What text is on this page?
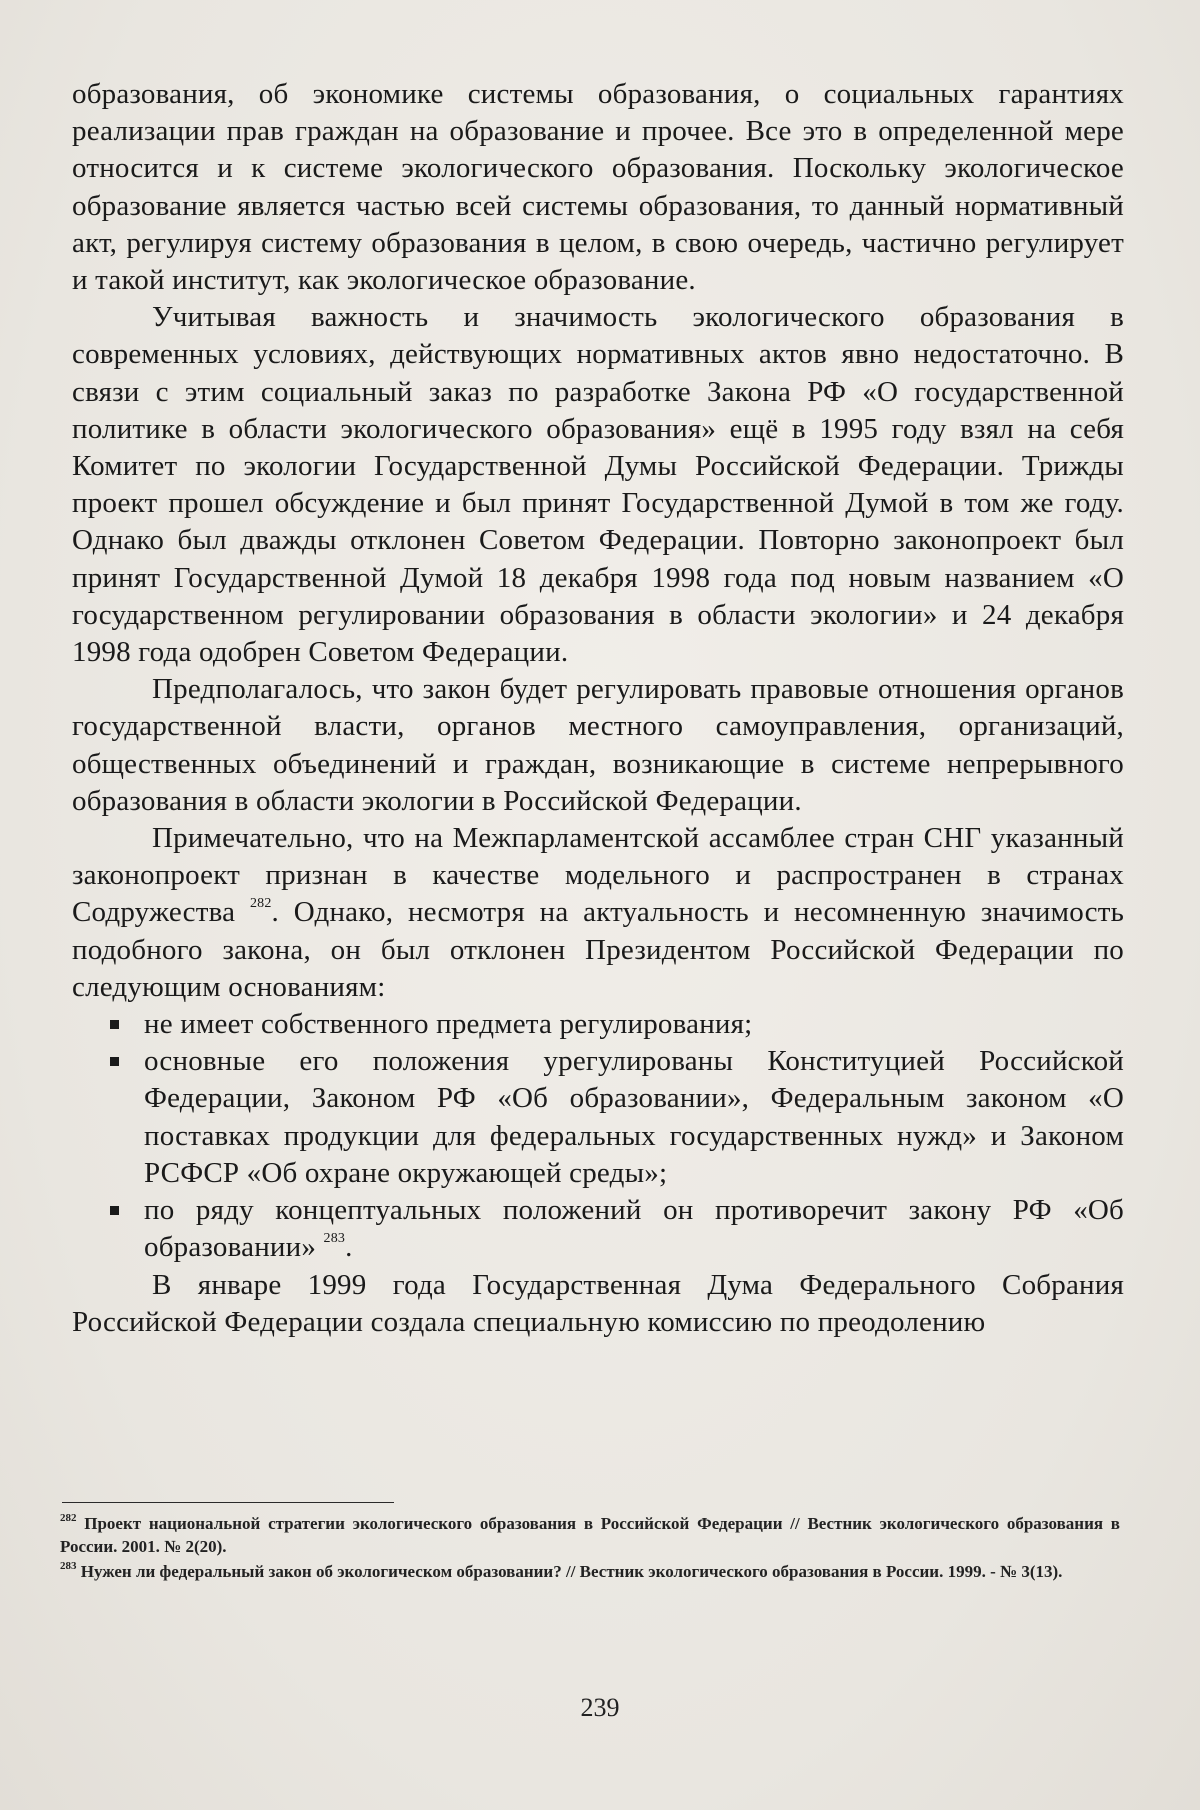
образования, об экономике системы образования, о социальных гарантиях реализации прав граждан на образование и прочее. Все это в определенной мере относится и к системе экологического образования. Поскольку экологическое образование является частью всей системы образования, то данный нормативный акт, регулируя систему образования в целом, в свою очередь, частично регулирует и такой институт, как экологическое образование.

Учитывая важность и значимость экологического образования в современных условиях, действующих нормативных актов явно недостаточно. В связи с этим социальный заказ по разработке Закона РФ «О государственной политике в области экологического образования» ещё в 1995 году взял на себя Комитет по экологии Государственной Думы Российской Федерации. Трижды проект прошел обсуждение и был принят Государственной Думой в том же году. Однако был дважды отклонен Советом Федерации. Повторно законопроект был принят Государственной Думой 18 декабря 1998 года под новым названием «О государственном регулировании образования в области экологии» и 24 декабря 1998 года одобрен Советом Федерации.

Предполагалось, что закон будет регулировать правовые отношения органов государственной власти, органов местного самоуправления, организаций, общественных объединений и граждан, возникающие в системе непрерывного образования в области экологии в Российской Федерации.

Примечательно, что на Межпарламентской ассамблее стран СНГ указанный законопроект признан в качестве модельного и распространен в странах Содружества $^{282}$. Однако, несмотря на актуальность и несомненную значимость подобного закона, он был отклонен Президентом Российской Федерации по следующим основаниям:

не имеет собственного предмета регулирования;
основные его положения урегулированы Конституцией Российской Федерации, Законом РФ «Об образовании», Федеральным законом «О поставках продукции для федеральных государственных нужд» и Законом РСФСР «Об охране окружающей среды»;
по ряду концептуальных положений он противоречит закону РФ «Об образовании» $^{283}$.

В январе 1999 года Государственная Дума Федерального Собрания Российской Федерации создала специальную комиссию по преодолению

$^{282}$ Проект национальной стратегии экологического образования в Российской Федерации // Вестник экологического образования в России. 2001. № 2(20).

$^{283}$ Нужен ли федеральный закон об экологическом образовании? // Вестник экологического образования в России. 1999. - № 3(13).

239
